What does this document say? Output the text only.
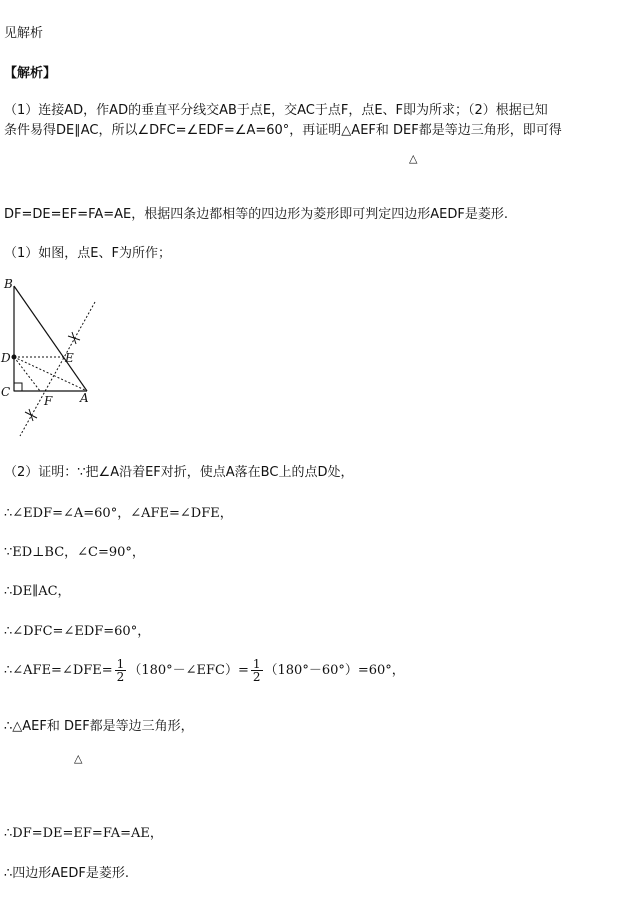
见解析
【解析】
（1）连接AD，作AD的垂直平分线交AB于点E，交AC于点F，点E、F即为所求；（2）根据已知
条件易得DE∥AC，所以∠DFC=∠EDF=∠A=60°，再证明△AEF和 DEF都是等边三角形，即可得
△
DF=DE=EF=FA=AE，根据四条边都相等的四边形为菱形即可判定四边形AEDF是菱形.
（1）如图，点E、F为所作；
B
D
C
E
F A
（2）证明：∵把∠A沿着EF对折，使点A落在BC上的点D处，
∴∠EDF=∠A=60°，∠AFE=∠DFE，
∵ED⊥BC，∠C=90°，
∴DE∥AC，
∴∠DFC=∠EDF=60°，
∴∠AFE=∠DFE= $\frac{1}{2}$ （180°－∠EFC）= $\frac{1}{2} (180^\circ-60^\circ)=60^\circ$，
∴△AEF和 DEF都是等边三角形，
△
∴DF=DE=EF=FA=AE，
∴四边形AEDF是菱形.
